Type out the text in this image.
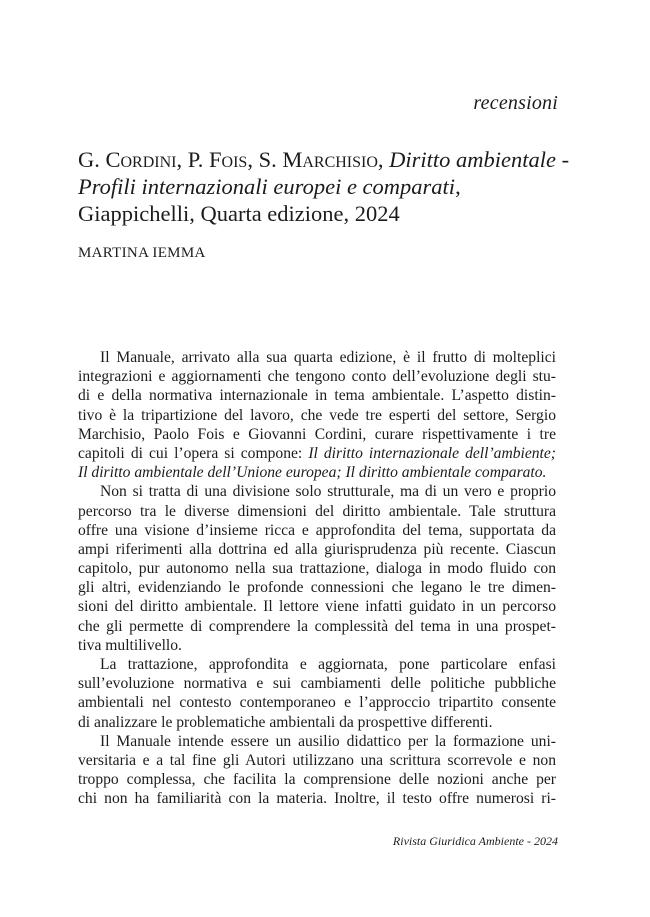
recensioni
G. Cordini, P. Fois, S. Marchisio, Diritto ambientale - Profili internazionali europei e comparati, Giappichelli, Quarta edizione, 2024
MARTINA IEMMA
Il Manuale, arrivato alla sua quarta edizione, è il frutto di molteplici
integrazioni e aggiornamenti che tengono conto dell’evoluzione degli stu-
di e della normativa internazionale in tema ambientale. L’aspetto distin-
tivo è la tripartizione del lavoro, che vede tre esperti del settore, Sergio
Marchisio, Paolo Fois e Giovanni Cordini, curare rispettivamente i tre
capitoli di cui l’opera si compone: Il diritto internazionale dell’ambiente;
Il diritto ambientale dell’Unione europea; Il diritto ambientale comparato.
Non si tratta di una divisione solo strutturale, ma di un vero e proprio
percorso tra le diverse dimensioni del diritto ambientale. Tale struttura
offre una visione d’insieme ricca e approfondita del tema, supportata da
ampi riferimenti alla dottrina ed alla giurisprudenza più recente. Ciascun
capitolo, pur autonomo nella sua trattazione, dialoga in modo fluido con
gli altri, evidenziando le profonde connessioni che legano le tre dimen-
sioni del diritto ambientale. Il lettore viene infatti guidato in un percorso
che gli permette di comprendere la complessità del tema in una prospet-
tiva multilivello.
La trattazione, approfondita e aggiornata, pone particolare enfasi
sull’evoluzione normativa e sui cambiamenti delle politiche pubbliche
ambientali nel contesto contemporaneo e l’approccio tripartito consente
di analizzare le problematiche ambientali da prospettive differenti.
Il Manuale intende essere un ausilio didattico per la formazione uni-
versitaria e a tal fine gli Autori utilizzano una scrittura scorrevole e non
troppo complessa, che facilita la comprensione delle nozioni anche per
chi non ha familiarità con la materia. Inoltre, il testo offre numerosi ri-
Rivista Giuridica Ambiente - 2024
